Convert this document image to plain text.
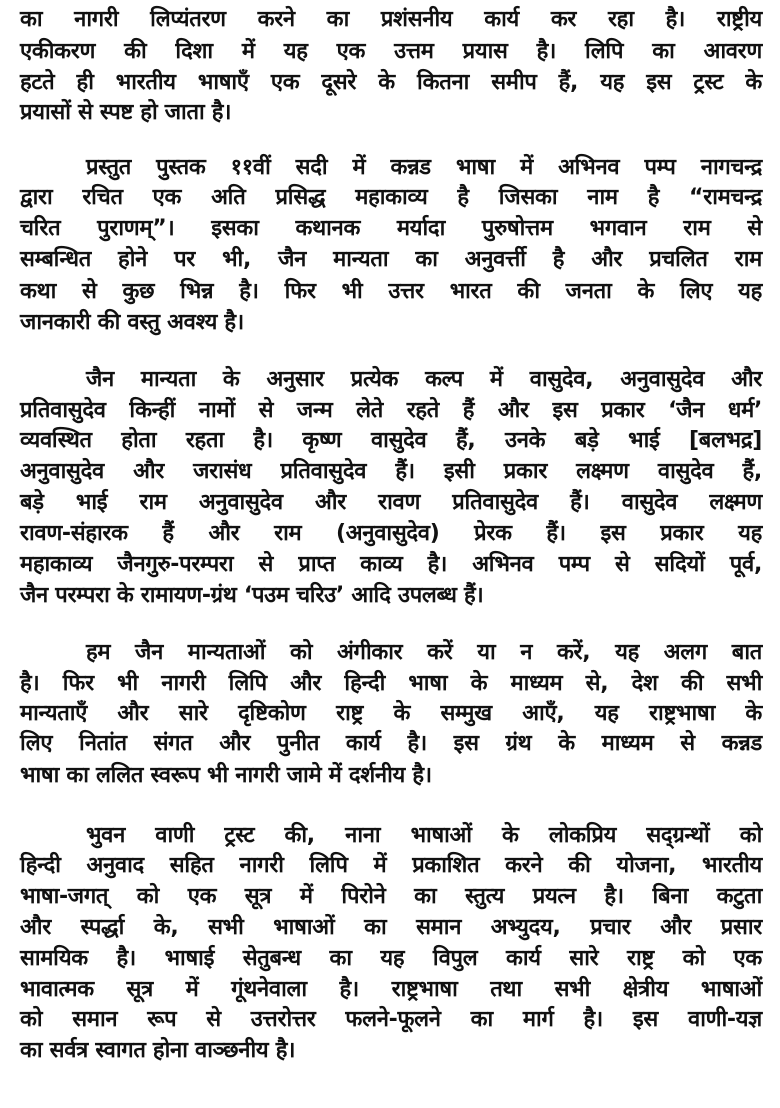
का नागरी लिप्यंतरण करने का प्रशंसनीय कार्य कर रहा है। राष्ट्रीय
एकीकरण की दिशा में यह एक उत्तम प्रयास है। लिपि का आवरण
हटते ही भारतीय भाषाएँ एक दूसरे के कितना समीप हैं, यह इस ट्रस्ट के
प्रयासों से स्पष्ट हो जाता है।
प्रस्तुत पुस्तक ११वीं सदी में कन्नड भाषा में अभिनव पम्प नागचन्द्र
द्वारा रचित एक अति प्रसिद्ध महाकाव्य है जिसका नाम है “रामचन्द्र
चरित पुराणम्”। इसका कथानक मर्यादा पुरुषोत्तम भगवान राम से
सम्बन्धित होने पर भी, जैन मान्यता का अनुवर्त्ती है और प्रचलित राम
कथा से कुछ भिन्न है। फिर भी उत्तर भारत की जनता के लिए यह
जानकारी की वस्तु अवश्य है।
जैन मान्यता के अनुसार प्रत्येक कल्प में वासुदेव, अनुवासुदेव और
प्रतिवासुदेव किन्हीं नामों से जन्म लेते रहते हैं और इस प्रकार ‘जैन धर्म’
व्यवस्थित होता रहता है। कृष्ण वासुदेव हैं, उनके बड़े भाई [बलभद्र]
अनुवासुदेव और जरासंध प्रतिवासुदेव हैं। इसी प्रकार लक्ष्मण वासुदेव हैं,
बड़े भाई राम अनुवासुदेव और रावण प्रतिवासुदेव हैं। वासुदेव लक्ष्मण
रावण-संहारक हैं और राम (अनुवासुदेव) प्रेरक हैं। इस प्रकार यह
महाकाव्य जैनगुरु-परम्परा से प्राप्त काव्य है। अभिनव पम्प से सदियों पूर्व,
जैन परम्परा के रामायण-ग्रंथ ‘पउम चरिउ’ आदि उपलब्ध हैं।
हम जैन मान्यताओं को अंगीकार करें या न करें, यह अलग बात
है। फिर भी नागरी लिपि और हिन्दी भाषा के माध्यम से, देश की सभी
मान्यताएँ और सारे दृष्टिकोण राष्ट्र के सम्मुख आएँ, यह राष्ट्रभाषा के
लिए नितांत संगत और पुनीत कार्य है। इस ग्रंथ के माध्यम से कन्नड
भाषा का ललित स्वरूप भी नागरी जामे में दर्शनीय है।
भुवन वाणी ट्रस्ट की, नाना भाषाओं के लोकप्रिय सद्ग्रन्थों को
हिन्दी अनुवाद सहित नागरी लिपि में प्रकाशित करने की योजना, भारतीय
भाषा-जगत् को एक सूत्र में पिरोने का स्तुत्य प्रयत्न है। बिना कटुता
और स्पर्द्धा के, सभी भाषाओं का समान अभ्युदय, प्रचार और प्रसार
सामयिक है। भाषाई सेतुबन्ध का यह विपुल कार्य सारे राष्ट्र को एक
भावात्मक सूत्र में गूंथनेवाला है। राष्ट्रभाषा तथा सभी क्षेत्रीय भाषाओं
को समान रूप से उत्तरोत्तर फलने-फूलने का मार्ग है। इस वाणी-यज्ञ
का सर्वत्र स्वागत होना वाञ्छनीय है।
